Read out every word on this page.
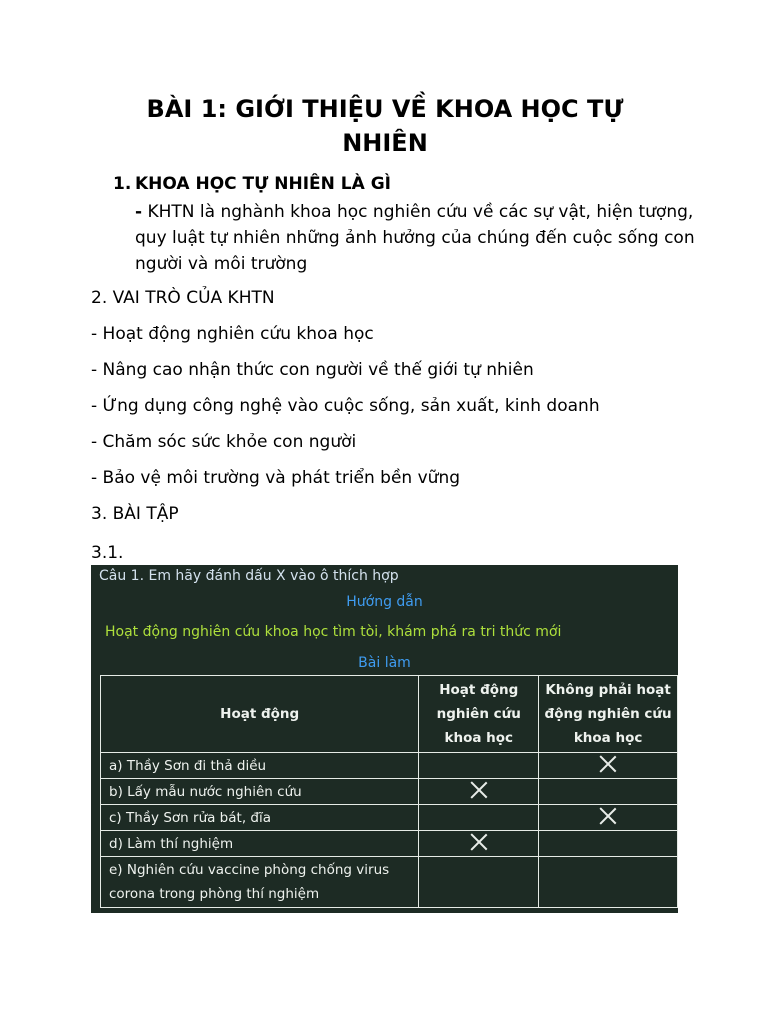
BÀI 1: GIỚI THIỆU VỀ KHOA HỌC TỰ NHIÊN
1. KHOA HỌC TỰ NHIÊN LÀ GÌ
- KHTN là nghành khoa học nghiên cứu về các sự vật, hiện tượng, quy luật tự nhiên những ảnh hưởng của chúng đến cuộc sống con người và môi trường
2. VAI TRÒ CỦA KHTN
- Hoạt động nghiên cứu khoa học
- Nâng cao nhận thức con người về thế giới tự nhiên
- Ứng dụng công nghệ vào cuộc sống, sản xuất, kinh doanh
- Chăm sóc sức khỏe con người
- Bảo vệ môi trường và phát triển bền vững
3. BÀI TẬP
3.1.
Câu 1. Em hãy đánh dấu X vào ô thích hợp
Hướng dẫn
Hoạt động nghiên cứu khoa học tìm tòi, khám phá ra tri thức mới
Bài làm
Hoạt động	Hoạt động nghiên cứu khoa học	Không phải hoạt động nghiên cứu khoa học
a) Thầy Sơn đi thả diều		
b) Lấy mẫu nước nghiên cứu		
c) Thầy Sơn rửa bát, đĩa		
d) Làm thí nghiệm		
e) Nghiên cứu vaccine phòng chống virus corona trong phòng thí nghiệm		
